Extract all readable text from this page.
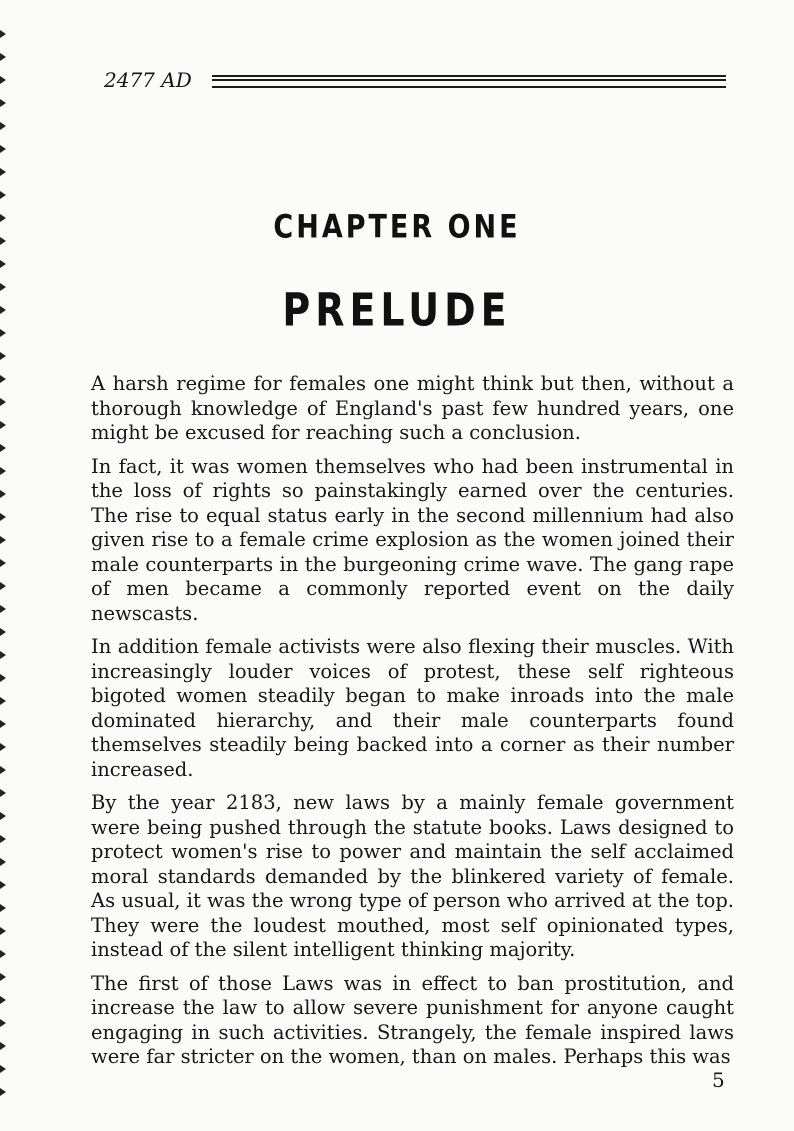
2477 AD
CHAPTER ONE
PRELUDE

A harsh regime for females one might think but then, without a thorough knowledge of England's past few hundred years, one might be excused for reaching such a conclusion.

In fact, it was women themselves who had been instrumental in the loss of rights so painstakingly earned over the centuries. The rise to equal status early in the second millennium had also given rise to a female crime explosion as the women joined their male counterparts in the burgeoning crime wave. The gang rape of men became a commonly reported event on the daily newscasts.

In addition female activists were also flexing their muscles. With increasingly louder voices of protest, these self righteous bigoted women steadily began to make inroads into the male dominated hierarchy, and their male counterparts found themselves steadily being backed into a corner as their number increased.

By the year 2183, new laws by a mainly female government were being pushed through the statute books. Laws designed to protect women's rise to power and maintain the self acclaimed moral standards demanded by the blinkered variety of female. As usual, it was the wrong type of person who arrived at the top. They were the loudest mouthed, most self opinionated types, instead of the silent intelligent thinking majority.

The first of those Laws was in effect to ban prostitution, and increase the law to allow severe punishment for anyone caught engaging in such activities. Strangely, the female inspired laws were far stricter on the women, than on males. Perhaps this was

5
